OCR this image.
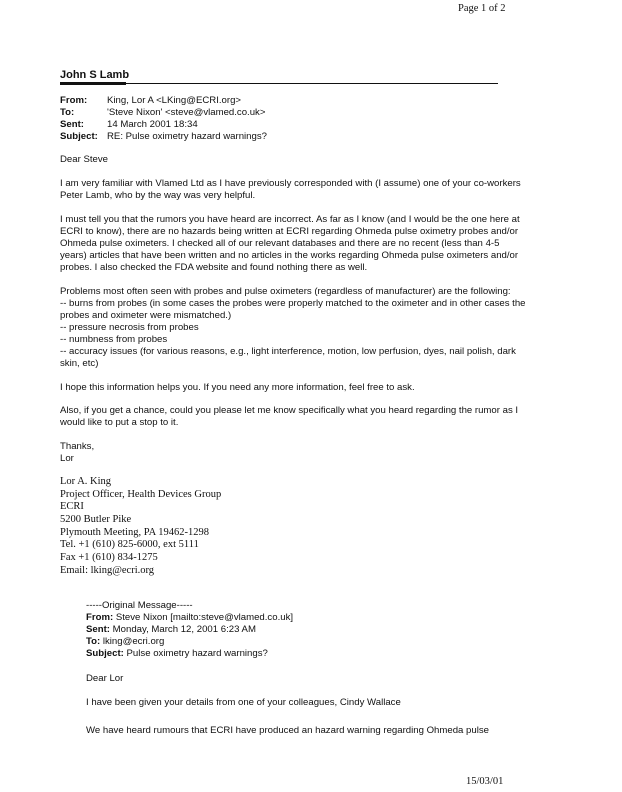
Page 1 of 2
John S Lamb
From:	King, Lor A <LKing@ECRI.org>
To:	'Steve Nixon' <steve@vlamed.co.uk>
Sent:	14 March 2001 18:34
Subject: RE: Pulse oximetry hazard warnings?
Dear Steve
I am very familiar with Vlamed Ltd as I have previously corresponded with (I assume) one of your co-workers
Peter Lamb, who by the way was very helpful.
I must tell you that the rumors you have heard are incorrect. As far as I know (and I would be the one here at
ECRI to know), there are no hazards being written at ECRI regarding Ohmeda pulse oximetry probes and/or
Ohmeda pulse oximeters. I checked all of our relevant databases and there are no recent (less than 4-5
years) articles that have been written and no articles in the works regarding Ohmeda pulse oximeters and/or
probes. I also checked the FDA website and found nothing there as well.
Problems most often seen with probes and pulse oximeters (regardless of manufacturer) are the following:
-- burns from probes (in some cases the probes were properly matched to the oximeter and in other cases the
probes and oximeter were mismatched.)
-- pressure necrosis from probes
-- numbness from probes
-- accuracy issues (for various reasons, e.g., light interference, motion, low perfusion, dyes, nail polish, dark
skin, etc)
I hope this information helps you. If you need any more information, feel free to ask.
Also, if you get a chance, could you please let me know specifically what you heard regarding the rumor as I
would like to put a stop to it.
Thanks,
Lor
Lor A. King
Project Officer, Health Devices Group
ECRI
5200 Butler Pike
Plymouth Meeting, PA 19462-1298
Tel. +1 (610) 825-6000, ext 5111
Fax +1 (610) 834-1275
Email: lking@ecri.org
-----Original Message-----
From: Steve Nixon [mailto:steve@vlamed.co.uk]
Sent: Monday, March 12, 2001 6:23 AM
To: lking@ecri.org
Subject: Pulse oximetry hazard warnings?
Dear Lor
I have been given your details from one of your colleagues, Cindy Wallace
We have heard rumours that ECRI have produced an hazard warning regarding Ohmeda pulse
15/03/01
